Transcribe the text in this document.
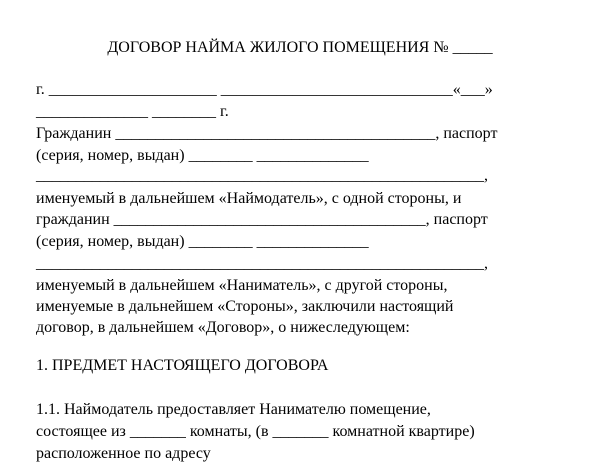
ДОГОВОР НАЙМА ЖИЛОГО ПОМЕЩЕНИЯ № _____
г. _____________________ _____________________________«___»
______________ ________ г.
Гражданин ________________________________________, паспорт
(серия, номер, выдан) ________ ______________
________________________________________________________,
именуемый в дальнейшем «Наймодатель», с одной стороны, и
гражданин _______________________________________, паспорт
(серия, номер, выдан) ________ ______________
________________________________________________________,
именуемый в дальнейшем «Наниматель», с другой стороны,
именуемые в дальнейшем «Стороны», заключили настоящий
договор, в дальнейшем «Договор», о нижеследующем:
1. ПРЕДМЕТ НАСТОЯЩЕГО ДОГОВОРА
1.1. Наймодатель предоставляет Нанимателю помещение,
состоящее из _______ комнаты, (в _______ комнатной квартире)
расположенное по адресу
